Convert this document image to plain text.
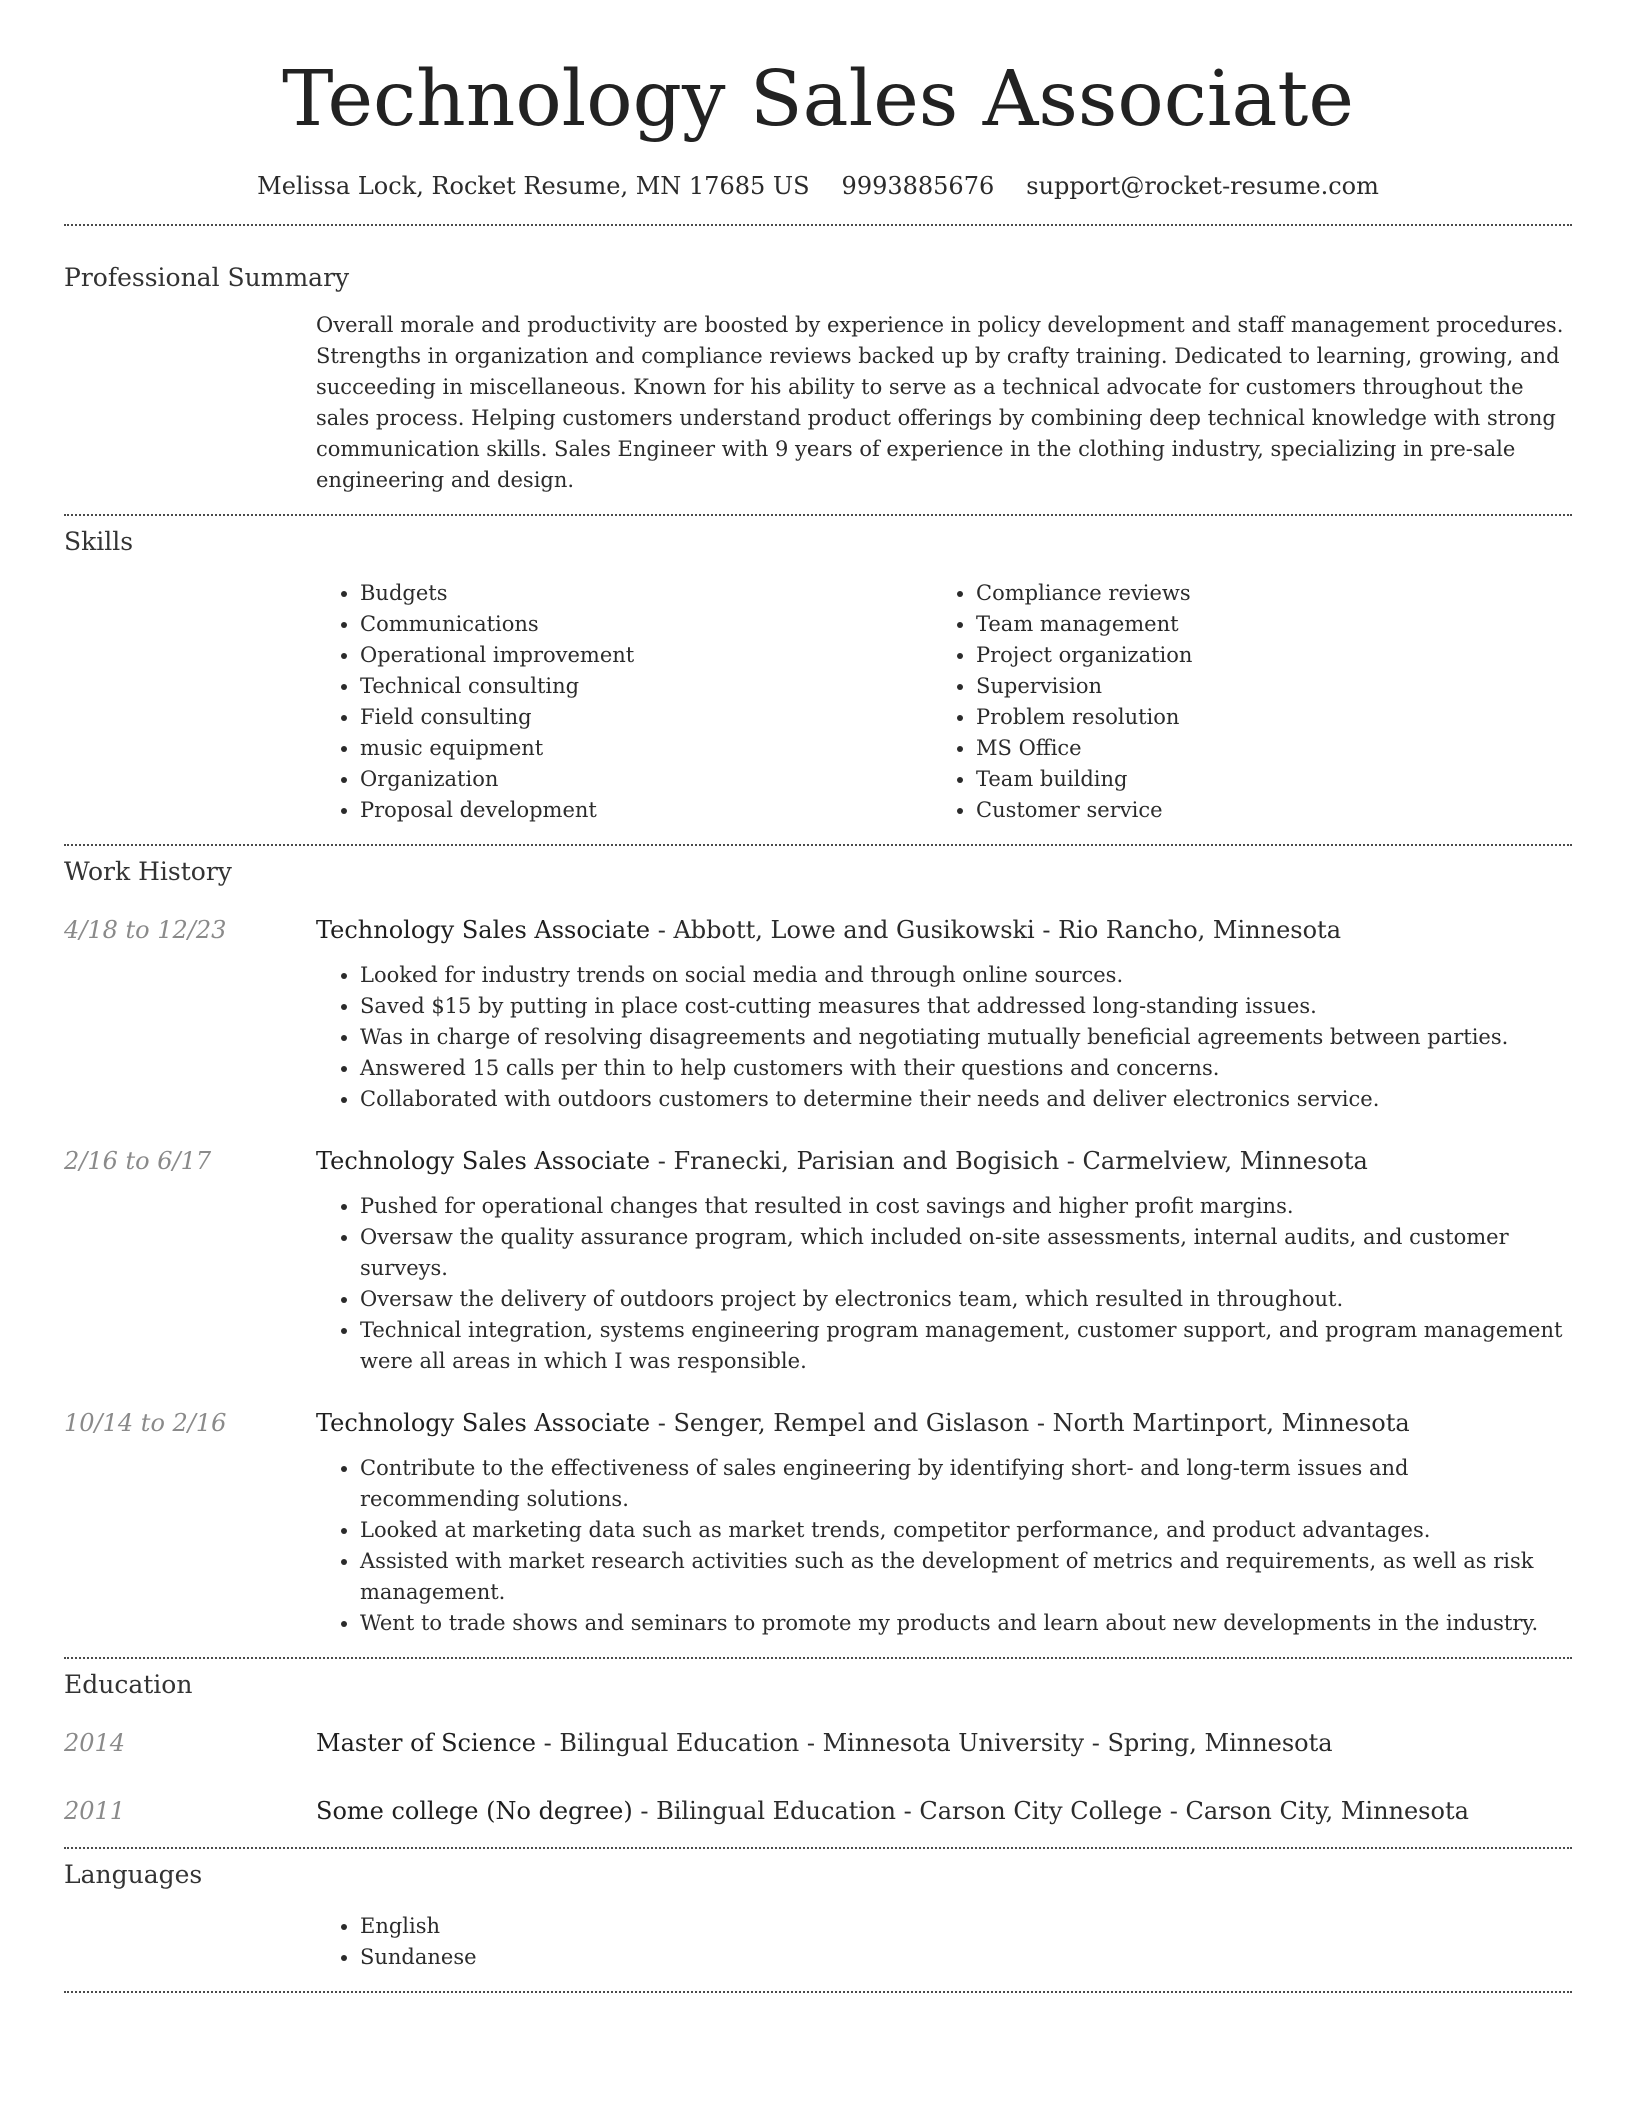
Technology Sales Associate
Melissa Lock, Rocket Resume, MN 17685 US 9993885676 support@rocket-resume.com
Professional Summary

Overall morale and productivity are boosted by experience in policy development and staff management procedures. Strengths in organization and compliance reviews backed up by crafty training. Dedicated to learning, growing, and succeeding in miscellaneous. Known for his ability to serve as a technical advocate for customers throughout the sales process. Helping customers understand product offerings by combining deep technical knowledge with strong communication skills. Sales Engineer with 9 years of experience in the clothing industry, specializing in pre-sale engineering and design.

Skills
• Budgets
• Communications
• Operational improvement
• Technical consulting
• Field consulting
• music equipment
• Organization
• Proposal development
• Compliance reviews
• Team management
• Project organization
• Supervision
• Problem resolution
• MS Office
• Team building
• Customer service
Work History
4/18 to 12/23	Technology Sales Associate - Abbott, Lowe and Gusikowski - Rio Rancho, Minnesota
• Looked for industry trends on social media and through online sources.
• Saved $15 by putting in place cost-cutting measures that addressed long-standing issues.
• Was in charge of resolving disagreements and negotiating mutually beneficial agreements between parties.
• Answered 15 calls per thin to help customers with their questions and concerns.
• Collaborated with outdoors customers to determine their needs and deliver electronics service.
2/16 to 6/17	Technology Sales Associate - Franecki, Parisian and Bogisich - Carmelview, Minnesota
• Pushed for operational changes that resulted in cost savings and higher profit margins.
• Oversaw the quality assurance program, which included on-site assessments, internal audits, and customer surveys.
• Oversaw the delivery of outdoors project by electronics team, which resulted in throughout.
• Technical integration, systems engineering program management, customer support, and program management were all areas in which I was responsible.
10/14 to 2/16	Technology Sales Associate - Senger, Rempel and Gislason - North Martinport, Minnesota
• Contribute to the effectiveness of sales engineering by identifying short- and long-term issues and recommending solutions.
• Looked at marketing data such as market trends, competitor performance, and product advantages.
• Assisted with market research activities such as the development of metrics and requirements, as well as risk management.
• Went to trade shows and seminars to promote my products and learn about new developments in the industry.
Education
2014	Master of Science - Bilingual Education - Minnesota University - Spring, Minnesota
2011	Some college (No degree) - Bilingual Education - Carson City College - Carson City, Minnesota
Languages
• English
• Sundanese
